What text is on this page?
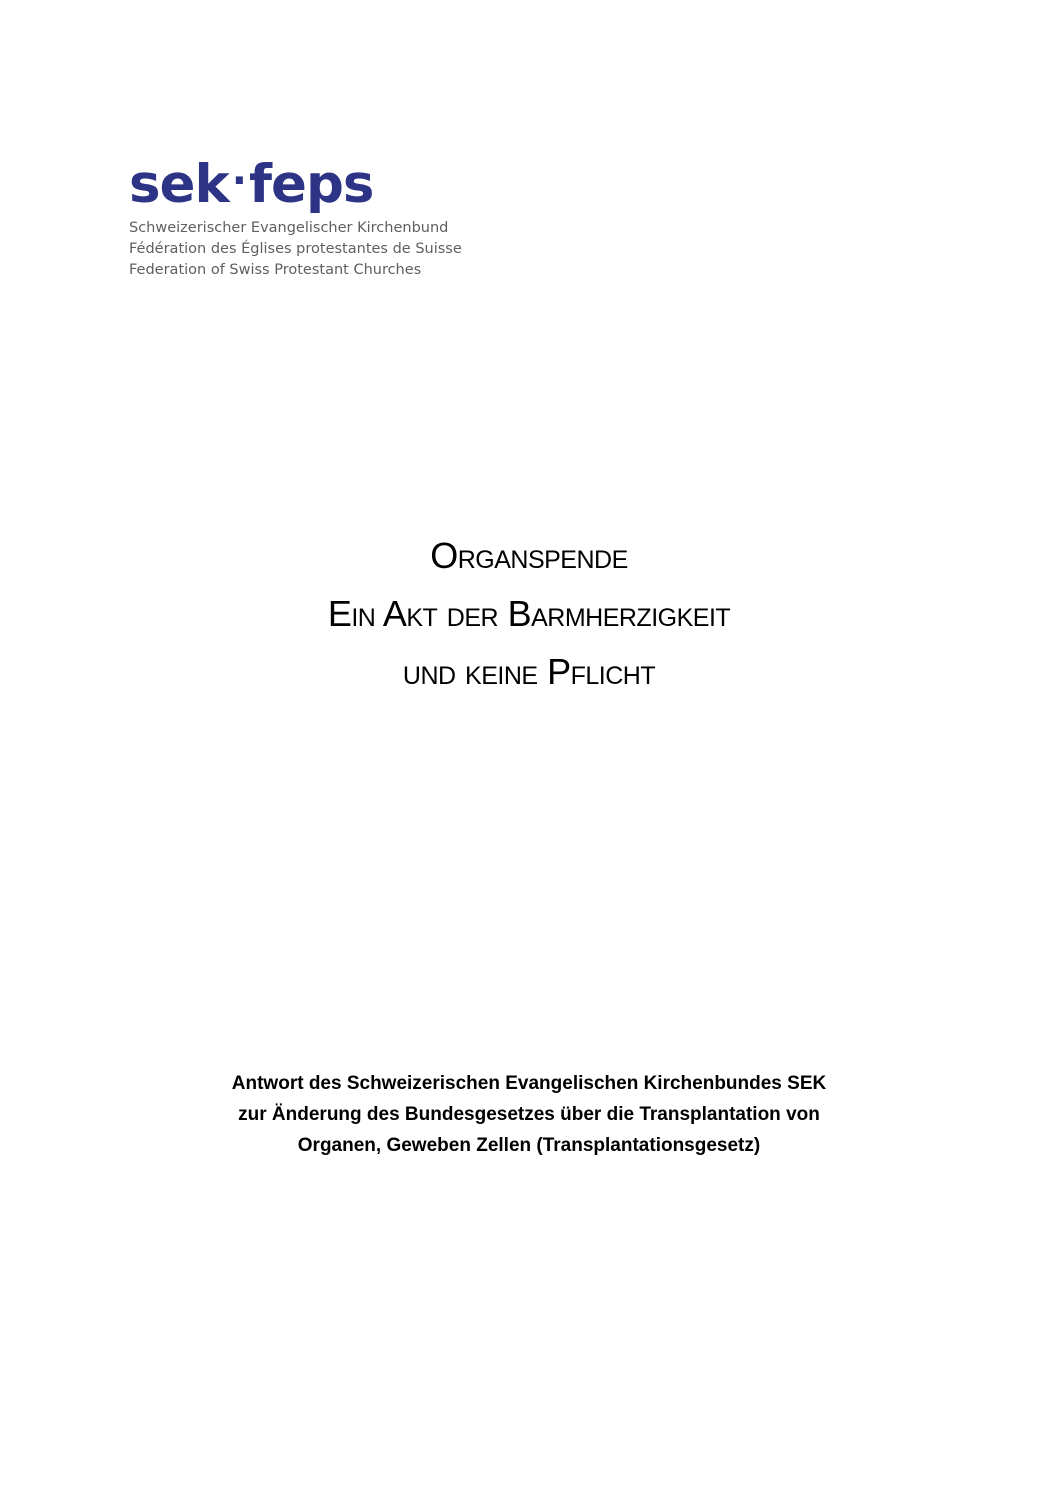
sek·feps
Schweizerischer Evangelischer Kirchenbund
Fédération des Églises protestantes de Suisse
Federation of Swiss Protestant Churches
Organspende
Ein Akt der Barmherzigkeit
und keine Pflicht
Antwort des Schweizerischen Evangelischen Kirchenbundes SEK
zur Änderung des Bundesgesetzes über die Transplantation von
Organen, Geweben Zellen (Transplantationsgesetz)
